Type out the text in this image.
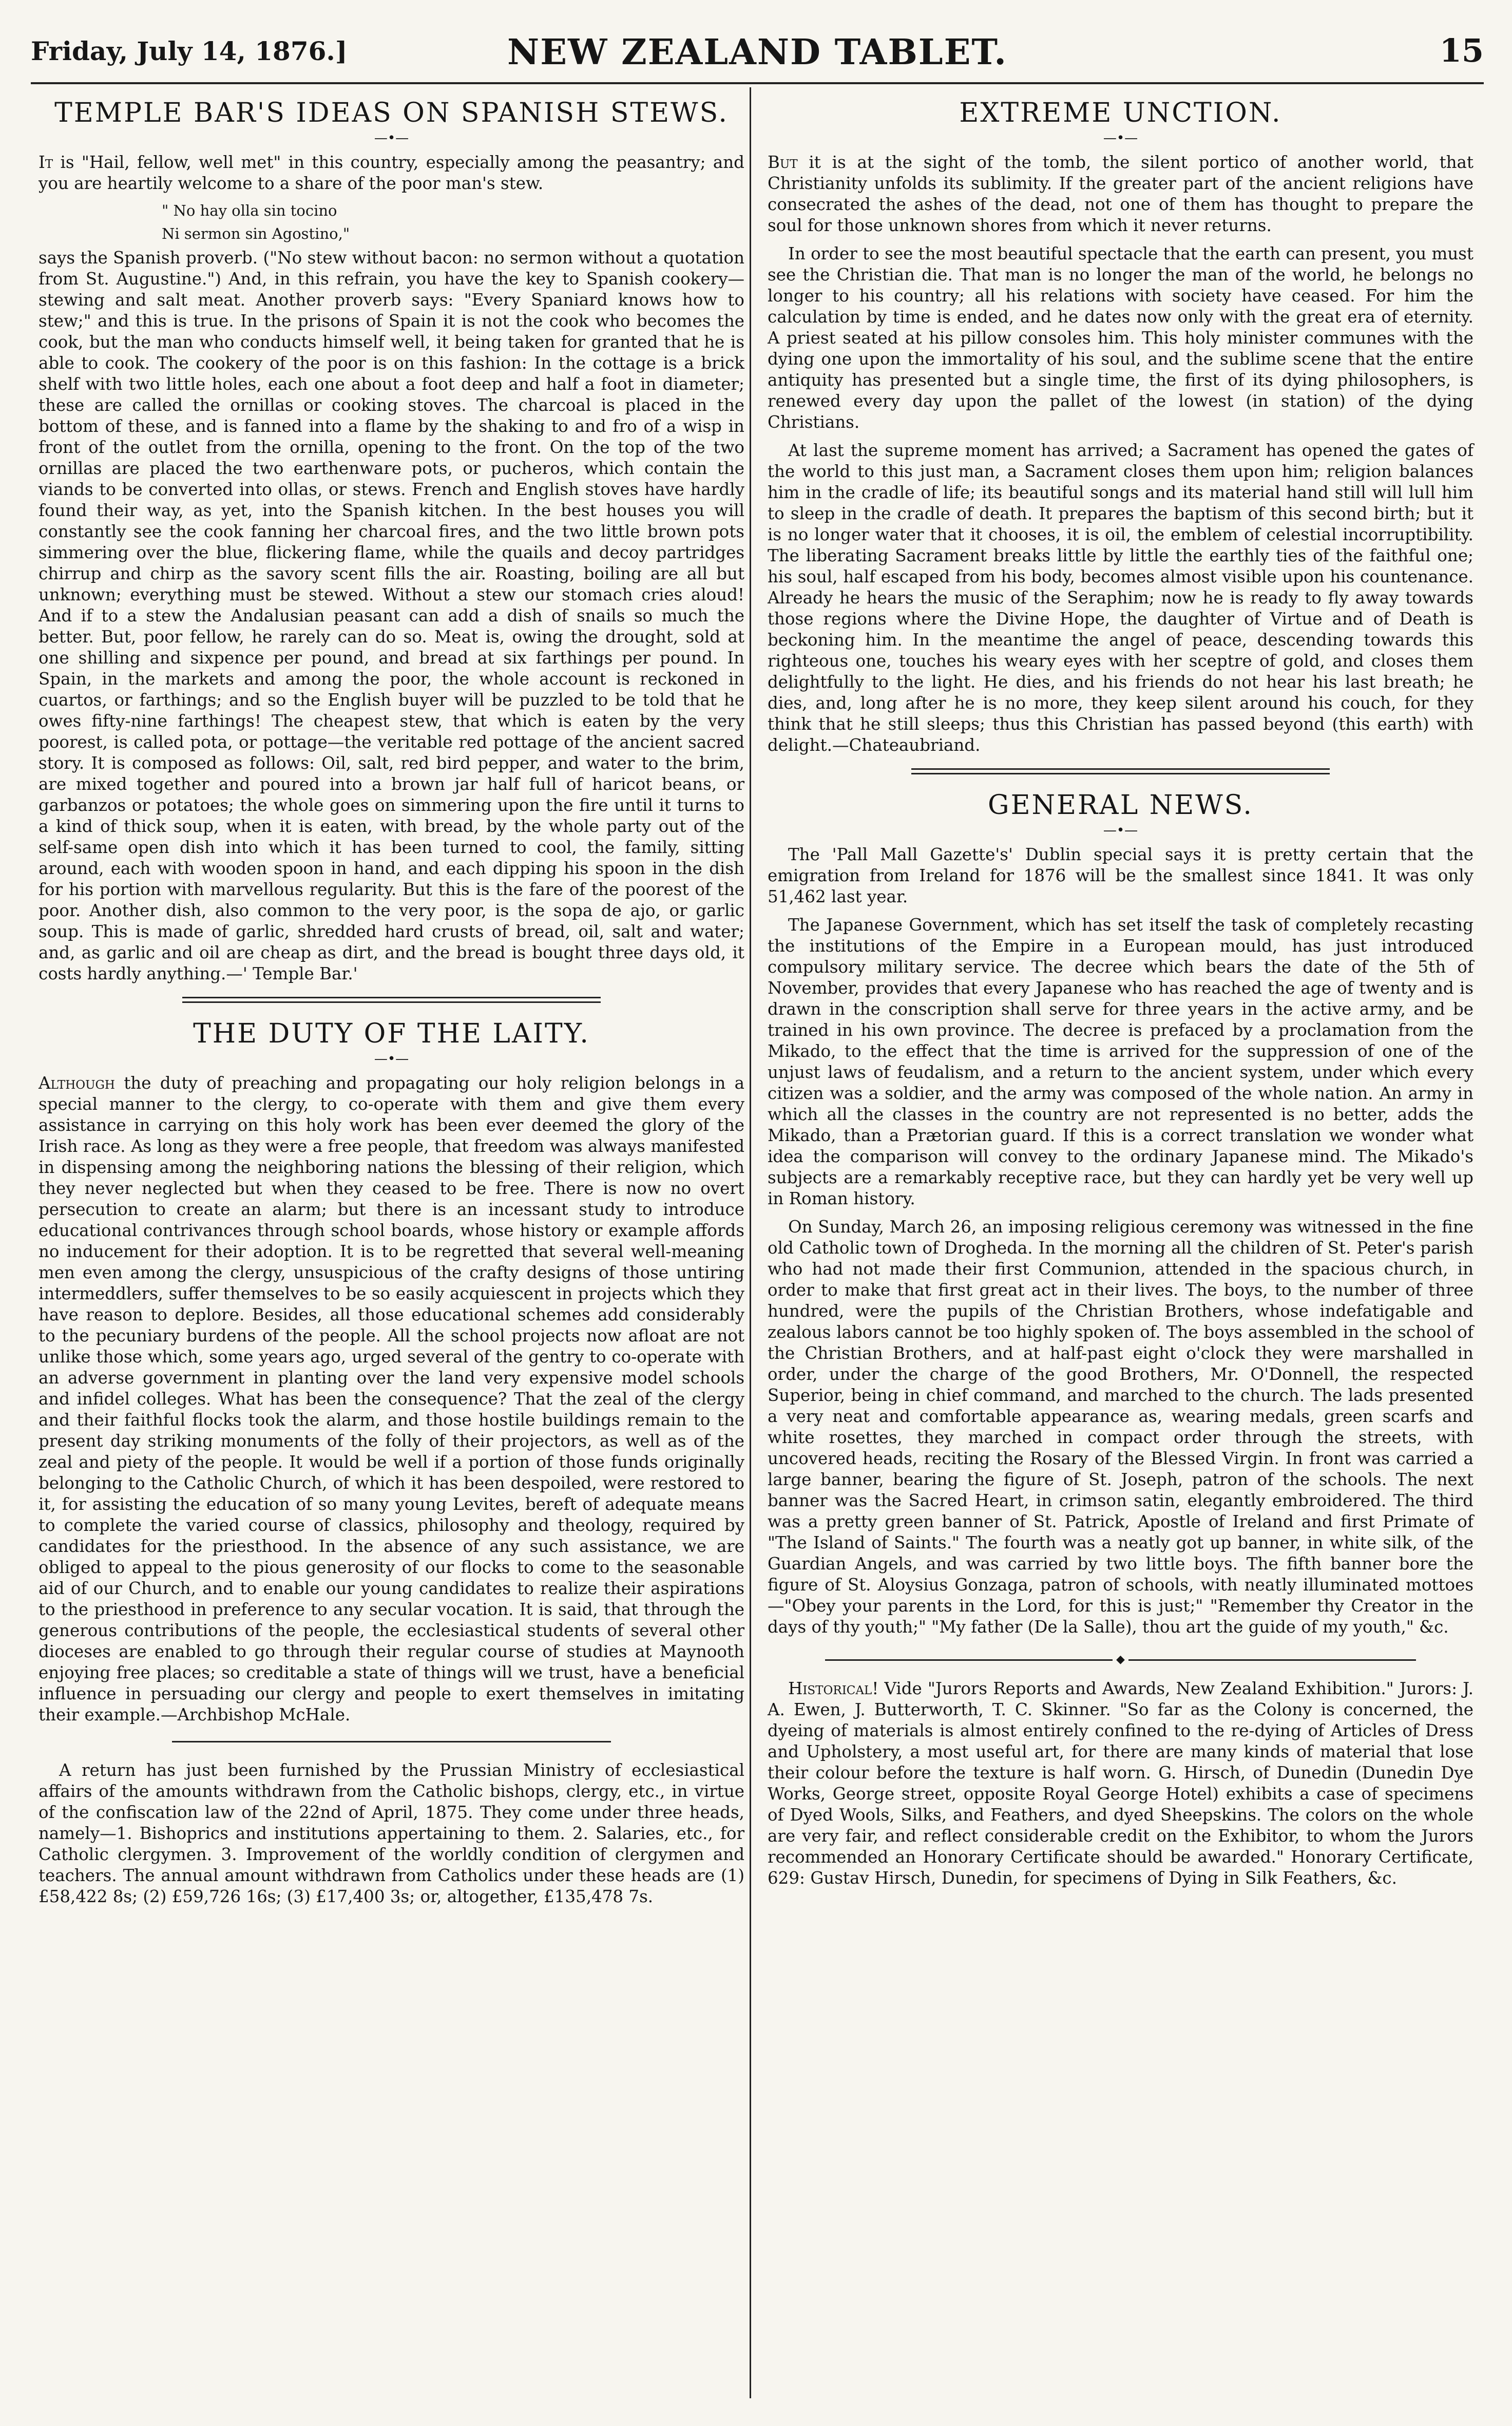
Friday, July 14, 1876.]	NEW ZEALAND TABLET.	15
TEMPLE BAR'S IDEAS ON SPANISH STEWS.
—•—

It is "Hail, fellow, well met" in this country, especially among the peasantry; and you are heartily welcome to a share of the poor man's stew.

" No hay olla sin tocino
Ni sermon sin Agostino,"

says the Spanish proverb. ("No stew without bacon: no sermon without a quotation from St. Augustine.") And, in this refrain, you have the key to Spanish cookery—stewing and salt meat. Another proverb says: "Every Spaniard knows how to stew;" and this is true. In the prisons of Spain it is not the cook who becomes the cook, but the man who conducts himself well, it being taken for granted that he is able to cook. The cookery of the poor is on this fashion: In the cottage is a brick shelf with two little holes, each one about a foot deep and half a foot in diameter; these are called the ornillas or cooking stoves. The charcoal is placed in the bottom of these, and is fanned into a flame by the shaking to and fro of a wisp in front of the outlet from the ornilla, opening to the front. On the top of the two ornillas are placed the two earthenware pots, or pucheros, which contain the viands to be converted into ollas, or stews. French and English stoves have hardly found their way, as yet, into the Spanish kitchen. In the best houses you will constantly see the cook fanning her charcoal fires, and the two little brown pots simmering over the blue, flickering flame, while the quails and decoy partridges chirrup and chirp as the savory scent fills the air. Roasting, boiling are all but unknown; everything must be stewed. Without a stew our stomach cries aloud! And if to a stew the Andalusian peasant can add a dish of snails so much the better. But, poor fellow, he rarely can do so. Meat is, owing the drought, sold at one shilling and sixpence per pound, and bread at six farthings per pound. In Spain, in the markets and among the poor, the whole account is reckoned in cuartos, or farthings; and so the English buyer will be puzzled to be told that he owes fifty-nine farthings! The cheapest stew, that which is eaten by the very poorest, is called pota, or pottage—the veritable red pottage of the ancient sacred story. It is composed as follows: Oil, salt, red bird pepper, and water to the brim, are mixed together and poured into a brown jar half full of haricot beans, or garbanzos or potatoes; the whole goes on simmering upon the fire until it turns to a kind of thick soup, when it is eaten, with bread, by the whole party out of the self-same open dish into which it has been turned to cool, the family, sitting around, each with wooden spoon in hand, and each dipping his spoon in the dish for his portion with marvellous regularity. But this is the fare of the poorest of the poor. Another dish, also common to the very poor, is the sopa de ajo, or garlic soup. This is made of garlic, shredded hard crusts of bread, oil, salt and water; and, as garlic and oil are cheap as dirt, and the bread is bought three days old, it costs hardly anything.—' Temple Bar.'

THE DUTY OF THE LAITY.
—•—

Although the duty of preaching and propagating our holy religion belongs in a special manner to the clergy, to co-operate with them and give them every assistance in carrying on this holy work has been ever deemed the glory of the Irish race. As long as they were a free people, that freedom was always manifested in dispensing among the neighboring nations the blessing of their religion, which they never neglected but when they ceased to be free. There is now no overt persecution to create an alarm; but there is an incessant study to introduce educational contrivances through school boards, whose history or example affords no inducement for their adoption. It is to be regretted that several well-meaning men even among the clergy, unsuspicious of the crafty designs of those untiring intermeddlers, suffer themselves to be so easily acquiescent in projects which they have reason to deplore. Besides, all those educational schemes add considerably to the pecuniary burdens of the people. All the school projects now afloat are not unlike those which, some years ago, urged several of the gentry to co-operate with an adverse government in planting over the land very expensive model schools and infidel colleges. What has been the consequence? That the zeal of the clergy and their faithful flocks took the alarm, and those hostile buildings remain to the present day striking monuments of the folly of their projectors, as well as of the zeal and piety of the people. It would be well if a portion of those funds originally belonging to the Catholic Church, of which it has been despoiled, were restored to it, for assisting the education of so many young Levites, bereft of adequate means to complete the varied course of classics, philosophy and theology, required by candidates for the priesthood. In the absence of any such assistance, we are obliged to appeal to the pious generosity of our flocks to come to the seasonable aid of our Church, and to enable our young candidates to realize their aspirations to the priesthood in preference to any secular vocation. It is said, that through the generous contributions of the people, the ecclesiastical students of several other dioceses are enabled to go through their regular course of studies at Maynooth enjoying free places; so creditable a state of things will we trust, have a beneficial influence in persuading our clergy and people to exert themselves in imitating their example.—Archbishop McHale.

A return has just been furnished by the Prussian Ministry of ecclesiastical affairs of the amounts withdrawn from the Catholic bishops, clergy, etc., in virtue of the confiscation law of the 22nd of April, 1875. They come under three heads, namely—1. Bishoprics and institutions appertaining to them. 2. Salaries, etc., for Catholic clergymen. 3. Improvement of the worldly condition of clergymen and teachers. The annual amount withdrawn from Catholics under these heads are (1) £58,422 8s; (2) £59,726 16s; (3) £17,400 3s; or, altogether, £135,478 7s.

EXTREME UNCTION.
—•—

But it is at the sight of the tomb, the silent portico of another world, that Christianity unfolds its sublimity. If the greater part of the ancient religions have consecrated the ashes of the dead, not one of them has thought to prepare the soul for those unknown shores from which it never returns.

In order to see the most beautiful spectacle that the earth can present, you must see the Christian die. That man is no longer the man of the world, he belongs no longer to his country; all his relations with society have ceased. For him the calculation by time is ended, and he dates now only with the great era of eternity. A priest seated at his pillow consoles him. This holy minister communes with the dying one upon the immortality of his soul, and the sublime scene that the entire antiquity has presented but a single time, the first of its dying philosophers, is renewed every day upon the pallet of the lowest (in station) of the dying Christians.

At last the supreme moment has arrived; a Sacrament has opened the gates of the world to this just man, a Sacrament closes them upon him; religion balances him in the cradle of life; its beautiful songs and its material hand still will lull him to sleep in the cradle of death. It prepares the baptism of this second birth; but it is no longer water that it chooses, it is oil, the emblem of celestial incorruptibility. The liberating Sacrament breaks little by little the earthly ties of the faithful one; his soul, half escaped from his body, becomes almost visible upon his countenance. Already he hears the music of the Seraphim; now he is ready to fly away towards those regions where the Divine Hope, the daughter of Virtue and of Death is beckoning him. In the meantime the angel of peace, descending towards this righteous one, touches his weary eyes with her sceptre of gold, and closes them delightfully to the light. He dies, and his friends do not hear his last breath; he dies, and, long after he is no more, they keep silent around his couch, for they think that he still sleeps; thus this Christian has passed beyond (this earth) with delight.—Chateaubriand.

GENERAL NEWS.
—•—

The 'Pall Mall Gazette's' Dublin special says it is pretty certain that the emigration from Ireland for 1876 will be the smallest since 1841. It was only 51,462 last year.

The Japanese Government, which has set itself the task of completely recasting the institutions of the Empire in a European mould, has just introduced compulsory military service. The decree which bears the date of the 5th of November, provides that every Japanese who has reached the age of twenty and is drawn in the conscription shall serve for three years in the active army, and be trained in his own province. The decree is prefaced by a proclamation from the Mikado, to the effect that the time is arrived for the suppression of one of the unjust laws of feudalism, and a return to the ancient system, under which every citizen was a soldier, and the army was composed of the whole nation. An army in which all the classes in the country are not represented is no better, adds the Mikado, than a Prætorian guard. If this is a correct translation we wonder what idea the comparison will convey to the ordinary Japanese mind. The Mikado's subjects are a remarkably receptive race, but they can hardly yet be very well up in Roman history.

On Sunday, March 26, an imposing religious ceremony was witnessed in the fine old Catholic town of Drogheda. In the morning all the children of St. Peter's parish who had not made their first Communion, attended in the spacious church, in order to make that first great act in their lives. The boys, to the number of three hundred, were the pupils of the Christian Brothers, whose indefatigable and zealous labors cannot be too highly spoken of. The boys assembled in the school of the Christian Brothers, and at half-past eight o'clock they were marshalled in order, under the charge of the good Brothers, Mr. O'Donnell, the respected Superior, being in chief command, and marched to the church. The lads presented a very neat and comfortable appearance as, wearing medals, green scarfs and white rosettes, they marched in compact order through the streets, with uncovered heads, reciting the Rosary of the Blessed Virgin. In front was carried a large banner, bearing the figure of St. Joseph, patron of the schools. The next banner was the Sacred Heart, in crimson satin, elegantly embroidered. The third was a pretty green banner of St. Patrick, Apostle of Ireland and first Primate of "The Island of Saints." The fourth was a neatly got up banner, in white silk, of the Guardian Angels, and was carried by two little boys. The fifth banner bore the figure of St. Aloysius Gonzaga, patron of schools, with neatly illuminated mottoes—"Obey your parents in the Lord, for this is just;" "Remember thy Creator in the days of thy youth;" "My father (De la Salle), thou art the guide of my youth," &c.

◆

Historical! Vide "Jurors Reports and Awards, New Zealand Exhibition." Jurors: J. A. Ewen, J. Butterworth, T. C. Skinner. "So far as the Colony is concerned, the dyeing of materials is almost entirely confined to the re-dying of Articles of Dress and Upholstery, a most useful art, for there are many kinds of material that lose their colour before the texture is half worn. G. Hirsch, of Dunedin (Dunedin Dye Works, George street, opposite Royal George Hotel) exhibits a case of specimens of Dyed Wools, Silks, and Feathers, and dyed Sheepskins. The colors on the whole are very fair, and reflect considerable credit on the Exhibitor, to whom the Jurors recommended an Honorary Certificate should be awarded." Honorary Certificate, 629: Gustav Hirsch, Dunedin, for specimens of Dying in Silk Feathers, &c.
